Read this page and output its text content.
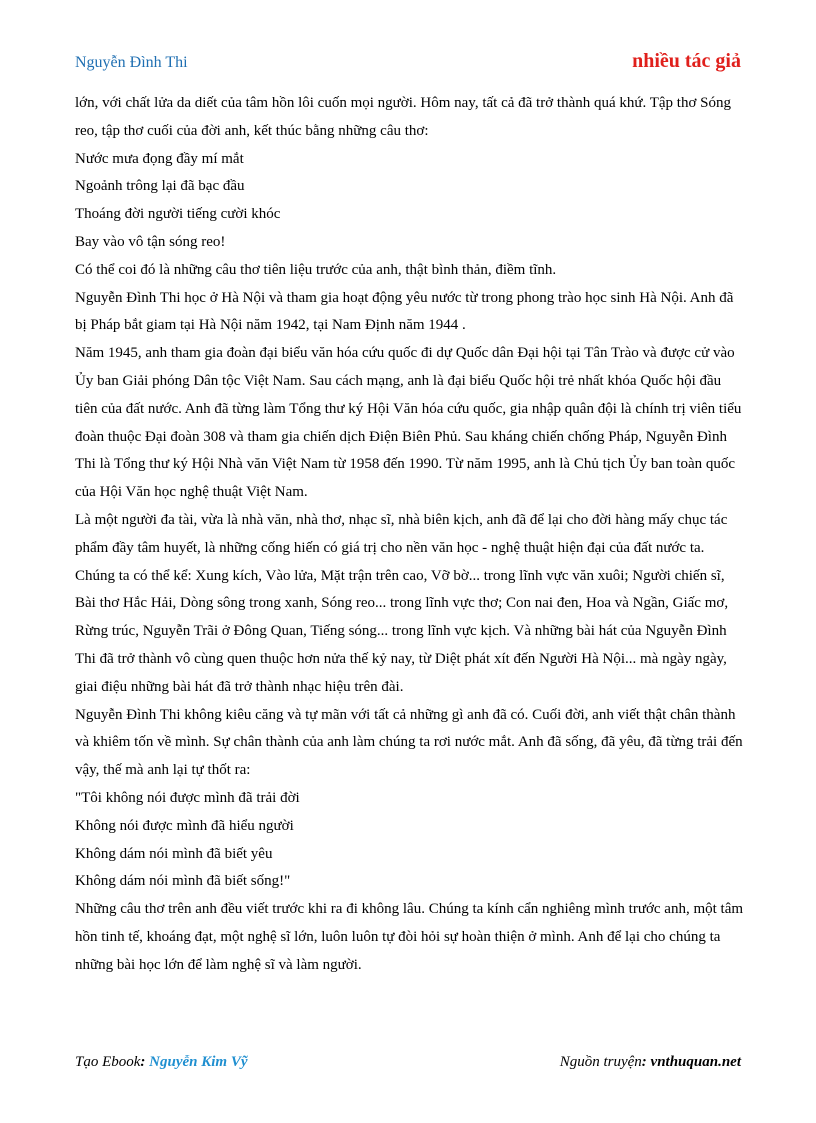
Nguyễn Đình Thi	nhiều tác giả

lớn, với chất lửa da diết của tâm hồn lôi cuốn mọi người. Hôm nay, tất cả đã trở thành quá khứ. Tập thơ Sóng reo, tập thơ cuối của đời anh, kết thúc bằng những câu thơ:

Nước mưa đọng đầy mí mắt

Ngoảnh trông lại đã bạc đầu

Thoáng đời người tiếng cười khóc

Bay vào vô tận sóng reo!

Có thể coi đó là những câu thơ tiên liệu trước của anh, thật bình thản, điềm tĩnh.

Nguyễn Đình Thi học ở Hà Nội và tham gia hoạt động yêu nước từ trong phong trào học sinh Hà Nội. Anh đã bị Pháp bắt giam tại Hà Nội năm 1942, tại Nam Định năm 1944 .

Năm 1945, anh tham gia đoàn đại biểu văn hóa cứu quốc đi dự Quốc dân Đại hội tại Tân Trào và được cử vào Ủy ban Giải phóng Dân tộc Việt Nam. Sau cách mạng, anh là đại biểu Quốc hội trẻ nhất khóa Quốc hội đầu tiên của đất nước. Anh đã từng làm Tổng thư ký Hội Văn hóa cứu quốc, gia nhập quân đội là chính trị viên tiểu đoàn thuộc Đại đoàn 308 và tham gia chiến dịch Điện Biên Phủ. Sau kháng chiến chống Pháp, Nguyễn Đình Thi là Tổng thư ký Hội Nhà văn Việt Nam từ 1958 đến 1990. Từ năm 1995, anh là Chủ tịch Ủy ban toàn quốc của Hội Văn học nghệ thuật Việt Nam.

Là một người đa tài, vừa là nhà văn, nhà thơ, nhạc sĩ, nhà biên kịch, anh đã để lại cho đời hàng mấy chục tác phẩm đầy tâm huyết, là những cống hiến có giá trị cho nền văn học - nghệ thuật hiện đại của đất nước ta. Chúng ta có thể kể: Xung kích, Vào lửa, Mặt trận trên cao, Vỡ bờ... trong lĩnh vực văn xuôi; Người chiến sĩ, Bài thơ Hắc Hải, Dòng sông trong xanh, Sóng reo... trong lĩnh vực thơ; Con nai đen, Hoa và Ngần, Giấc mơ, Rừng trúc, Nguyễn Trãi ở Đông Quan, Tiếng sóng... trong lĩnh vực kịch. Và những bài hát của Nguyễn Đình Thi đã trở thành vô cùng quen thuộc hơn nửa thế kỷ nay, từ Diệt phát xít đến Người Hà Nội... mà ngày ngày, giai điệu những bài hát đã trở thành nhạc hiệu trên đài.

Nguyễn Đình Thi không kiêu căng và tự mãn với tất cả những gì anh đã có. Cuối đời, anh viết thật chân thành và khiêm tốn về mình. Sự chân thành của anh làm chúng ta rơi nước mắt. Anh đã sống, đã yêu, đã từng trải đến vậy, thế mà anh lại tự thốt ra:

"Tôi không nói được mình đã trải đời

Không nói được mình đã hiểu người

Không dám nói mình đã biết yêu

Không dám nói mình đã biết sống!"

Những câu thơ trên anh đều viết trước khi ra đi không lâu. Chúng ta kính cẩn nghiêng mình trước anh, một tâm hồn tinh tế, khoáng đạt, một nghệ sĩ lớn, luôn luôn tự đòi hỏi sự hoàn thiện ở mình. Anh để lại cho chúng ta những bài học lớn để làm nghệ sĩ và làm người.

Tạo Ebook: Nguyễn Kim Vỹ	Nguồn truyện: vnthuquan.net
